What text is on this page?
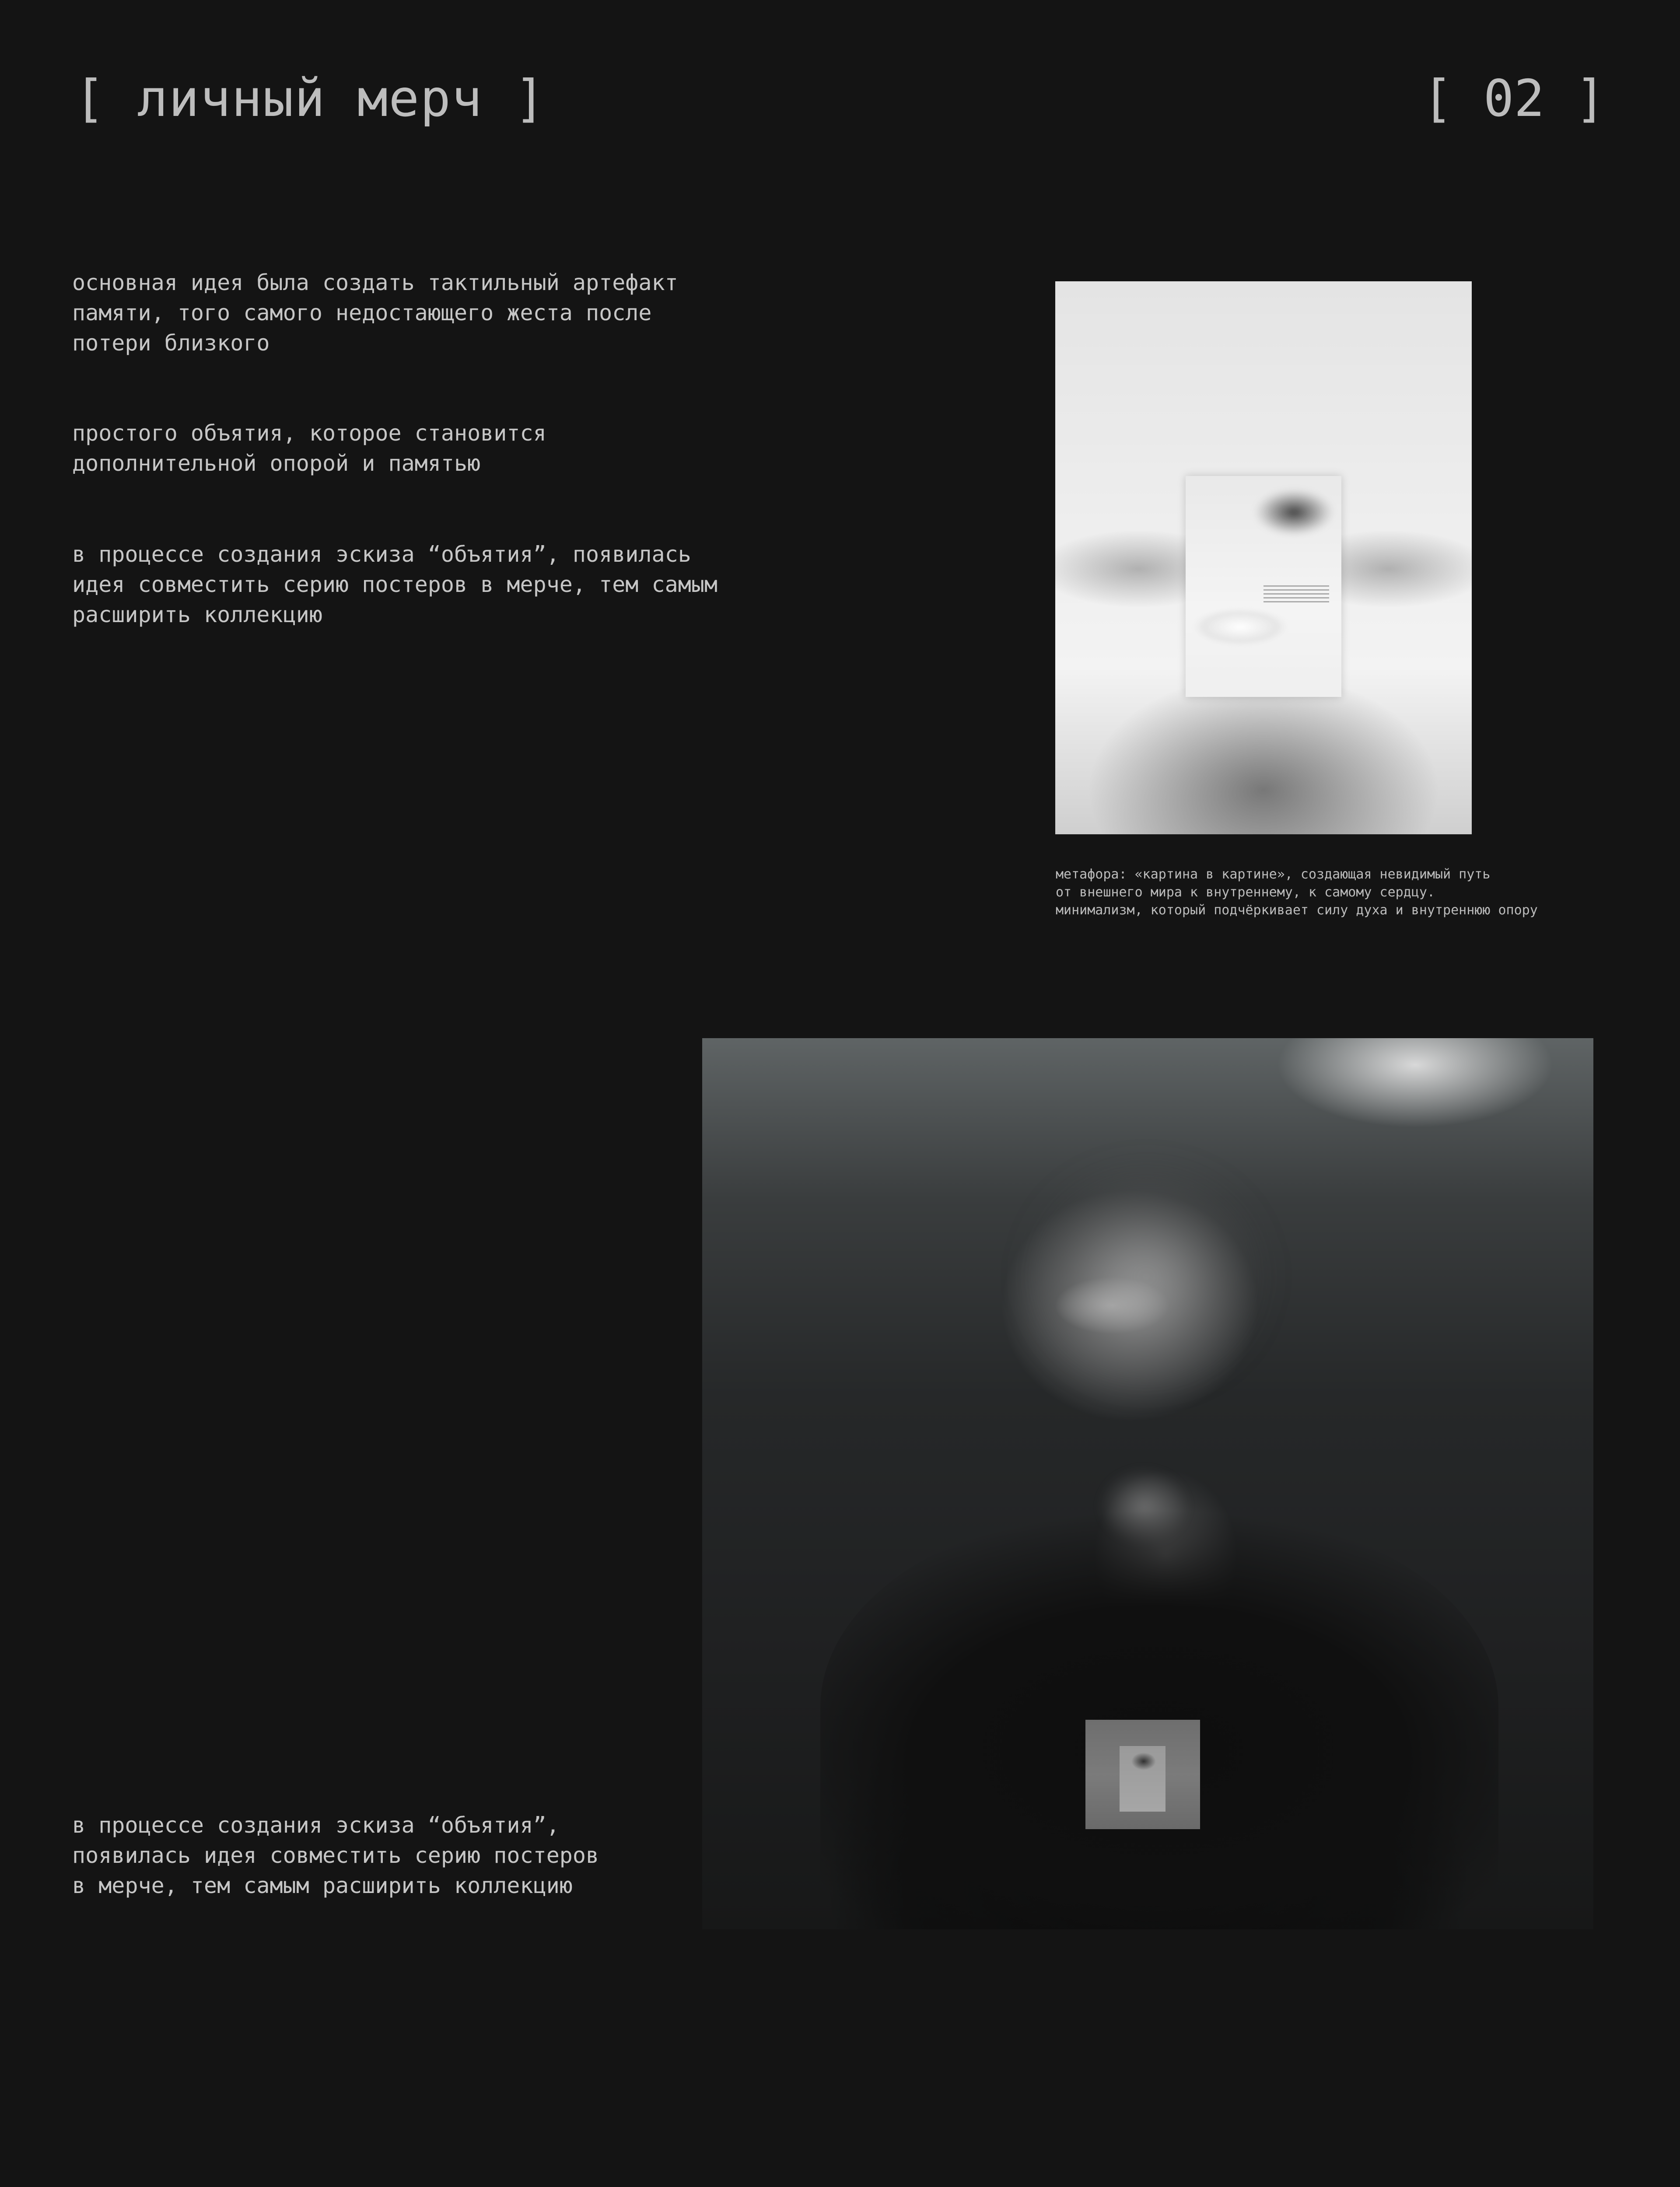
[ личный мерч ]	[ 02 ]
основная идея была создать тактильный артефакт памяти, того самого недостающего жеста после потери близкого
простого объятия, которое становится дополнительной опорой и памятью
в процессе создания эскиза “объятия”, появилась идея совместить серию постеров в мерче, тем самым расширить коллекцию
метафора: «картина в картине», создающая невидимый путь
от внешнего мира к внутреннему, к самому сердцу.
минимализм, который подчёркивает силу духа и внутреннюю опору
в процессе создания эскиза “объятия”, появилась идея совместить серию постеров в мерче, тем самым расширить коллекцию
